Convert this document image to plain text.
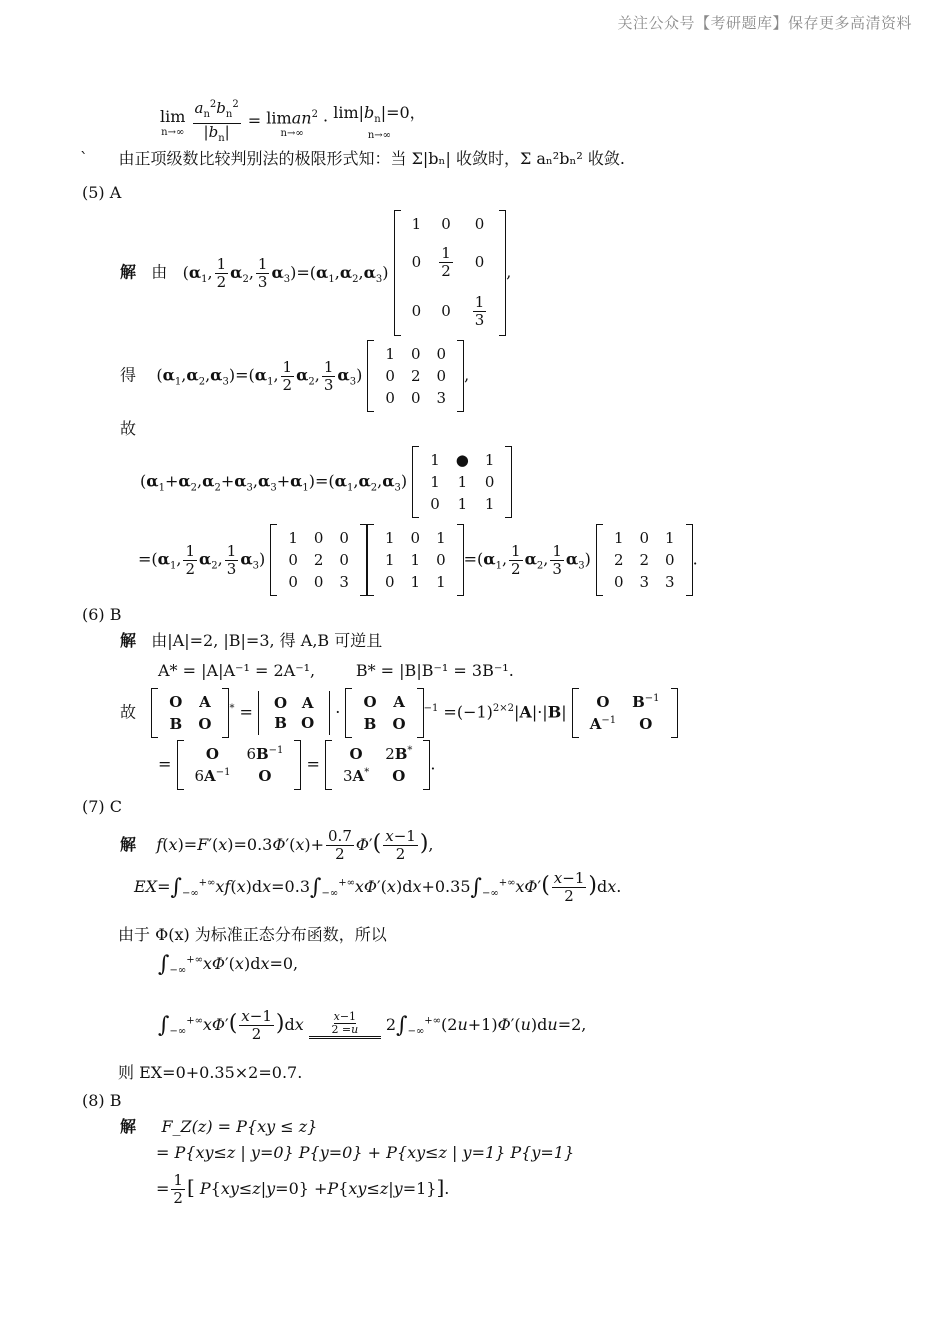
关注公众号【考研题库】保存更多高清资料
lim
n→∞
$\frac{a_n^2b_n^2}{|b_n|}$ = liman$^2$
n→∞
· $\lim|b_n|=0$，
n→∞
`      由正项级数比较判别法的极限形式知：当 Σ|bₙ| 收敛时，Σ aₙ²bₙ² 收敛.
(5) A
解 由 ($\alpha_1$, $\frac{1}{2} \alpha_2$, $\frac{1}{3} \alpha_3)=(\alpha_1,\alpha_2,\alpha_3)$
1	0	0
0	$\frac{1}{2}$	0
0	0	$\frac{1}{3}$
,
得    $(\alpha_1,\alpha_2,\alpha_3)=(\alpha_1$, $\frac{1}{2} \alpha_2$, $\frac{1}{3} \alpha_3$)
1	0	0
0	2	0
0	0	3
,
故
$(\alpha_1+\alpha_2,\alpha_2+\alpha_3,\alpha_3+\alpha_1)=(\alpha_1,\alpha_2,\alpha_3)$
1	●	1
1	1	0
0	1	1
$=(\alpha_1$, $\frac{1}{2} \alpha_2$, $\frac{1}{3} \alpha_3$)
1	0	0
0	2	0
0	0	3
1	0	1
1	1	0
0	1	1
$=(\alpha_1$, $\frac{1}{2} \alpha_2$, $\frac{1}{3} \alpha_3$)
1	0	1
2	2	0
0	3	3
.
(6) B
解 由|A|=2, |B|=3, 得 A,B 可逆且
A* = |A|A⁻¹ = 2A⁻¹,	B* = |B|B⁻¹ = 3B⁻¹.
故
O	A
B	O
* = O	A
B	O
·
O	A
B	O
$^{-1} =(-1)^{2\times 2}|A|\cdot|B|$
O	$B^{-1}$
$A^{-1}$	O
=
O	$6B^{-1}$
$6A^{-1}$	O
=
O	2B*
3A*	O
.
(7) C
解 $f(x)=F'(x)=0.3\Phi'(x)+ \frac{0.7}{2} \Phi'( \frac{x-1}{2}$ ),
$EX=\int_{-\infty}^{+\infty}xf(x)dx=0.3\int_{-\infty}^{+\infty}x\Phi'(x)dx+0.35\int_{-\infty}^{+\infty}x\Phi'( \frac{x-1}{2} )dx$.
由于 Φ(x) 为标准正态分布函数，所以
$\int_{-\infty}^{+\infty}x\Phi'(x)dx=0$,
$\int_{-\infty}^{+\infty}x\Phi'( \frac{x-1}{2} )dx$	x−1
2 =u	$2\int_{-\infty}^{+\infty}(2u+1)\Phi'(u)du=2$,
则 EX=0+0.35×2=0.7.
(8) B
解 F_Z(z) = P{xy ≤ z}
= P{xy≤z | y=0} P{y=0} + P{xy≤z | y=1} P{y=1}
= $\frac{1}{2}$ [ P{xy≤z|y=0} +P{xy≤z|y=1}].
